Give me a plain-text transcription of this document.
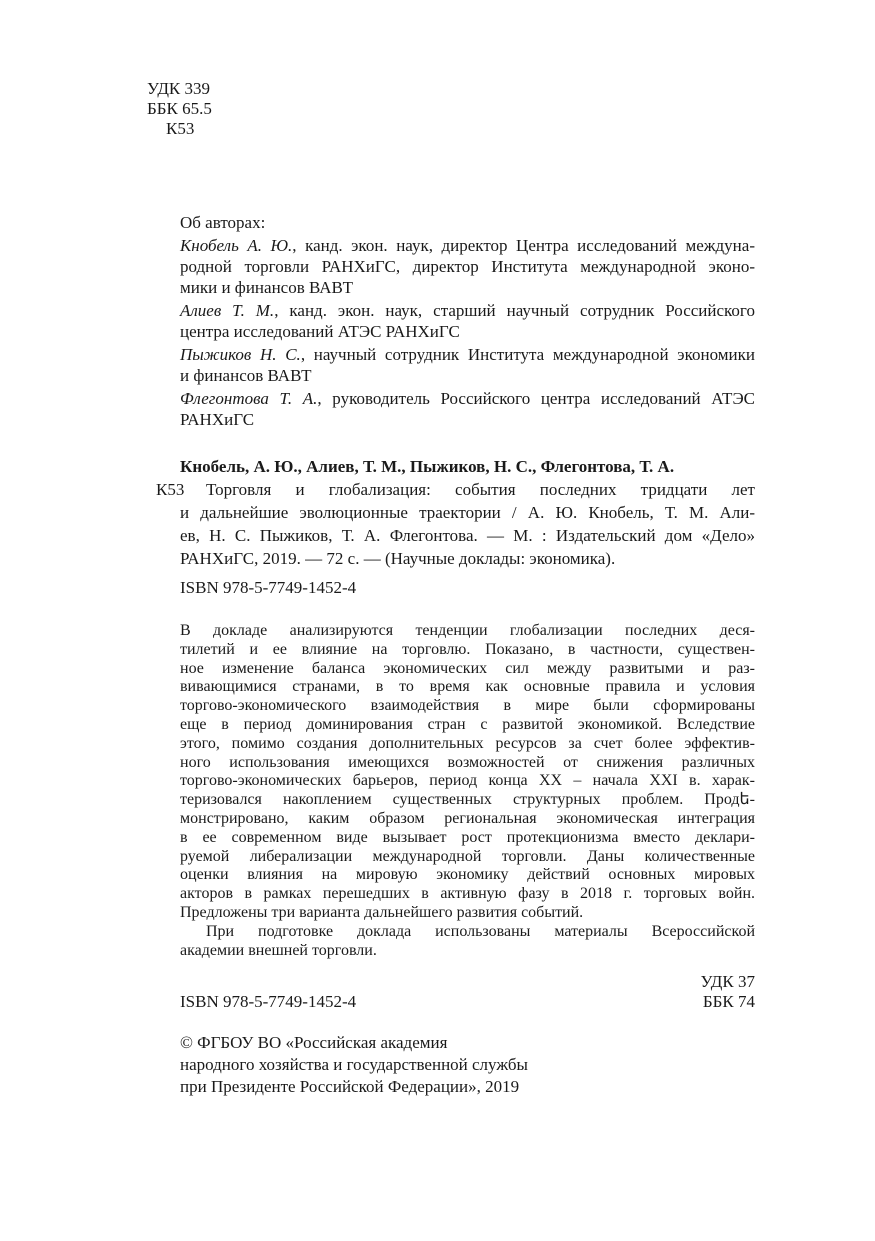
УДК 339
ББК 65.5
К53
Об авторах:
Кнобель А. Ю., канд. экон. наук, директор Центра исследований междуна-
родной торговли РАНХиГС, директор Института международной эконо-
мики и финансов ВАВТ
Алиев Т. М., канд. экон. наук, старший научный сотрудник Российского
центра исследований АТЭС РАНХиГС
Пыжиков Н. С., научный сотрудник Института международной экономики
и финансов ВАВТ
Флегонтова Т. А., руководитель Российского центра исследований АТЭС
РАНХиГС
Кнобель, А. Ю., Алиев, Т. М., Пыжиков, Н. С., Флегонтова, Т. А.
К53 Торговля и глобализация: события последних тридцати лет
и дальнейшие эволюционные траектории / А. Ю. Кнобель, Т. М. Али-
ев, Н. С. Пыжиков, Т. А. Флегонтова. — М. : Издательский дом «Дело»
РАНХиГС, 2019. — 72 с. — (Научные доклады: экономика).
ISBN 978-5-7749-1452-4
В докладе анализируются тенденции глобализации последних деся-
тилетий и ее влияние на торговлю. Показано, в частности, существен-
ное изменение баланса экономических сил между развитыми и раз-
вивающимися странами, в то время как основные правила и условия
торгово-экономического взаимодействия в мире были сформированы
еще в период доминирования стран с развитой экономикой. Вследствие
этого, помимо создания дополнительных ресурсов за счет более эффектив-
ного использования имеющихся возможностей от снижения различных
торгово-экономических барьеров, период конца XX – начала XXI в. харак-
теризовался накоплением существенных структурных проблем. Продե-
монстрировано, каким образом региональная экономическая интеграция
в ее современном виде вызывает рост протекционизма вместо деклари-
руемой либерализации международной торговли. Даны количественные
оценки влияния на мировую экономику действий основных мировых
акторов в рамках перешедших в активную фазу в 2018 г. торговых войн.
Предложены три варианта дальнейшего развития событий.
При подготовке доклада использованы материалы Всероссийской
академии внешней торговли.
УДК 37
ISBN 978-5-7749-1452-4	ББК 74
© ФГБОУ ВО «Российская академия
народного хозяйства и государственной службы
при Президенте Российской Федерации», 2019
